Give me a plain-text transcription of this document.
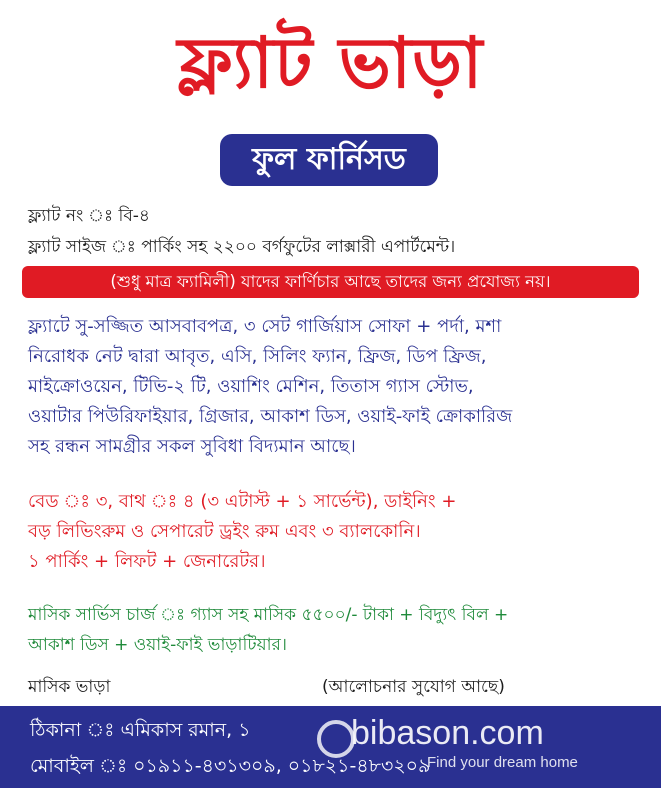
ফ্ল্যাট ভাড়া
ফুল ফার্নিসড
ফ্ল্যাট নং ঃ বি-৪
ফ্ল্যাট সাইজ ঃ পার্কিং সহ ২২০০ বর্গফুটের লাক্সারী এপার্টমেন্ট।
(শুধু মাত্র ফ্যামিলী) যাদের ফার্ণিচার আছে তাদের জন্য প্রযোজ্য নয়।
ফ্ল্যাটে সু-সজ্জিত আসবাবপত্র, ৩ সেট গার্জিয়াস সোফা + পর্দা, মশা
নিরোধক নেট দ্বারা আবৃত, এসি, সিলিং ফ্যান, ফ্রিজ, ডিপ ফ্রিজ,
মাইক্রোওয়েন, টিভি-২ টি, ওয়াশিং মেশিন, তিতাস গ্যাস স্টোভ,
ওয়াটার পিউরিফাইয়ার, গ্রিজার, আকাশ ডিস, ওয়াই-ফাই ক্রোকারিজ
সহ রন্ধন সামগ্রীর সকল সুবিধা বিদ্যমান আছে।
বেড ঃ ৩, বাথ ঃ ৪ (৩ এটাস্ট + ১ সার্ভেন্ট), ডাইনিং +
বড় লিভিংরুম ও সেপারেট ড্রইং রুম এবং ৩ ব্যালকোনি।
১ পার্কিং + লিফট + জেনারেটর।
মাসিক সার্ভিস চার্জ ঃ গ্যাস সহ মাসিক ৫৫০০/- টাকা + বিদ্যুৎ বিল +
আকাশ ডিস + ওয়াই-ফাই ভাড়াটিয়ার।
মাসিক ভাড়া	(আলোচনার সুযোগ আছে)
ঠিকানা ঃ এমিকাস রমান, ১
মোবাইল ঃ ০১৯১১-৪৩১৩০৯, ০১৮২১-৪৮৩২০৯
bibason.com
Find your dream home
